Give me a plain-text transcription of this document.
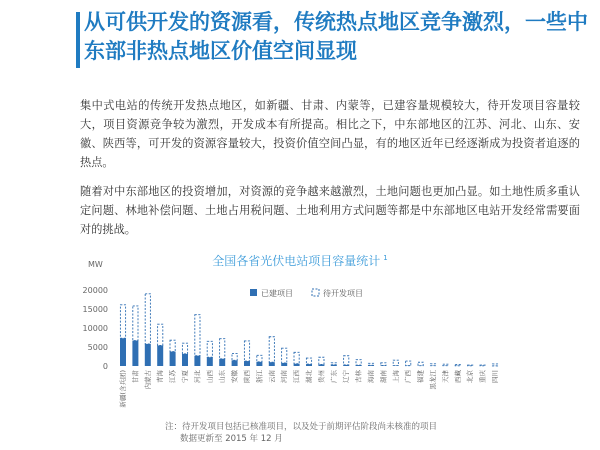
从可供开发的资源看，传统热点地区竞争激烈，一些中东部非热点地区价值空间显现

集中式电站的传统开发热点地区，如新疆、甘肃、内蒙等，已建容量规模较大，待开发项目容量较大，项目资源竞争较为激烈，开发成本有所提高。相比之下，中东部地区的江苏、河北、山东、安徽、陕西等，可开发的资源容量较大，投资价值空间凸显，有的地区近年已经逐渐成为投资者追逐的热点。

随着对中东部地区的投资增加，对资源的竞争越来越激烈，土地问题也更加凸显。如土地性质多重认定问题、林地补偿问题、土地占用税问题、土地利用方式问题等都是中东部地区电站开发经常需要面对的挑战。

全国各省光伏电站项目容量统计 $^1$
MW
0
5000
10000
15000
20000
新疆(含兵团) 甘肃 内蒙古 青海 江苏 宁夏 河北 山西 山东 安徽 陕西 浙江 云南 河南 江西 湖北 贵州 广东 辽宁 吉林 海南 湖南 上海 广西 福建 黑龙江 天津 西藏 北京 重庆 四川
已建项目	待开发项目
注：待开发项目包括已核准项目，以及处于前期评估阶段尚未核准的项目
数据更新至 2015 年 12 月
